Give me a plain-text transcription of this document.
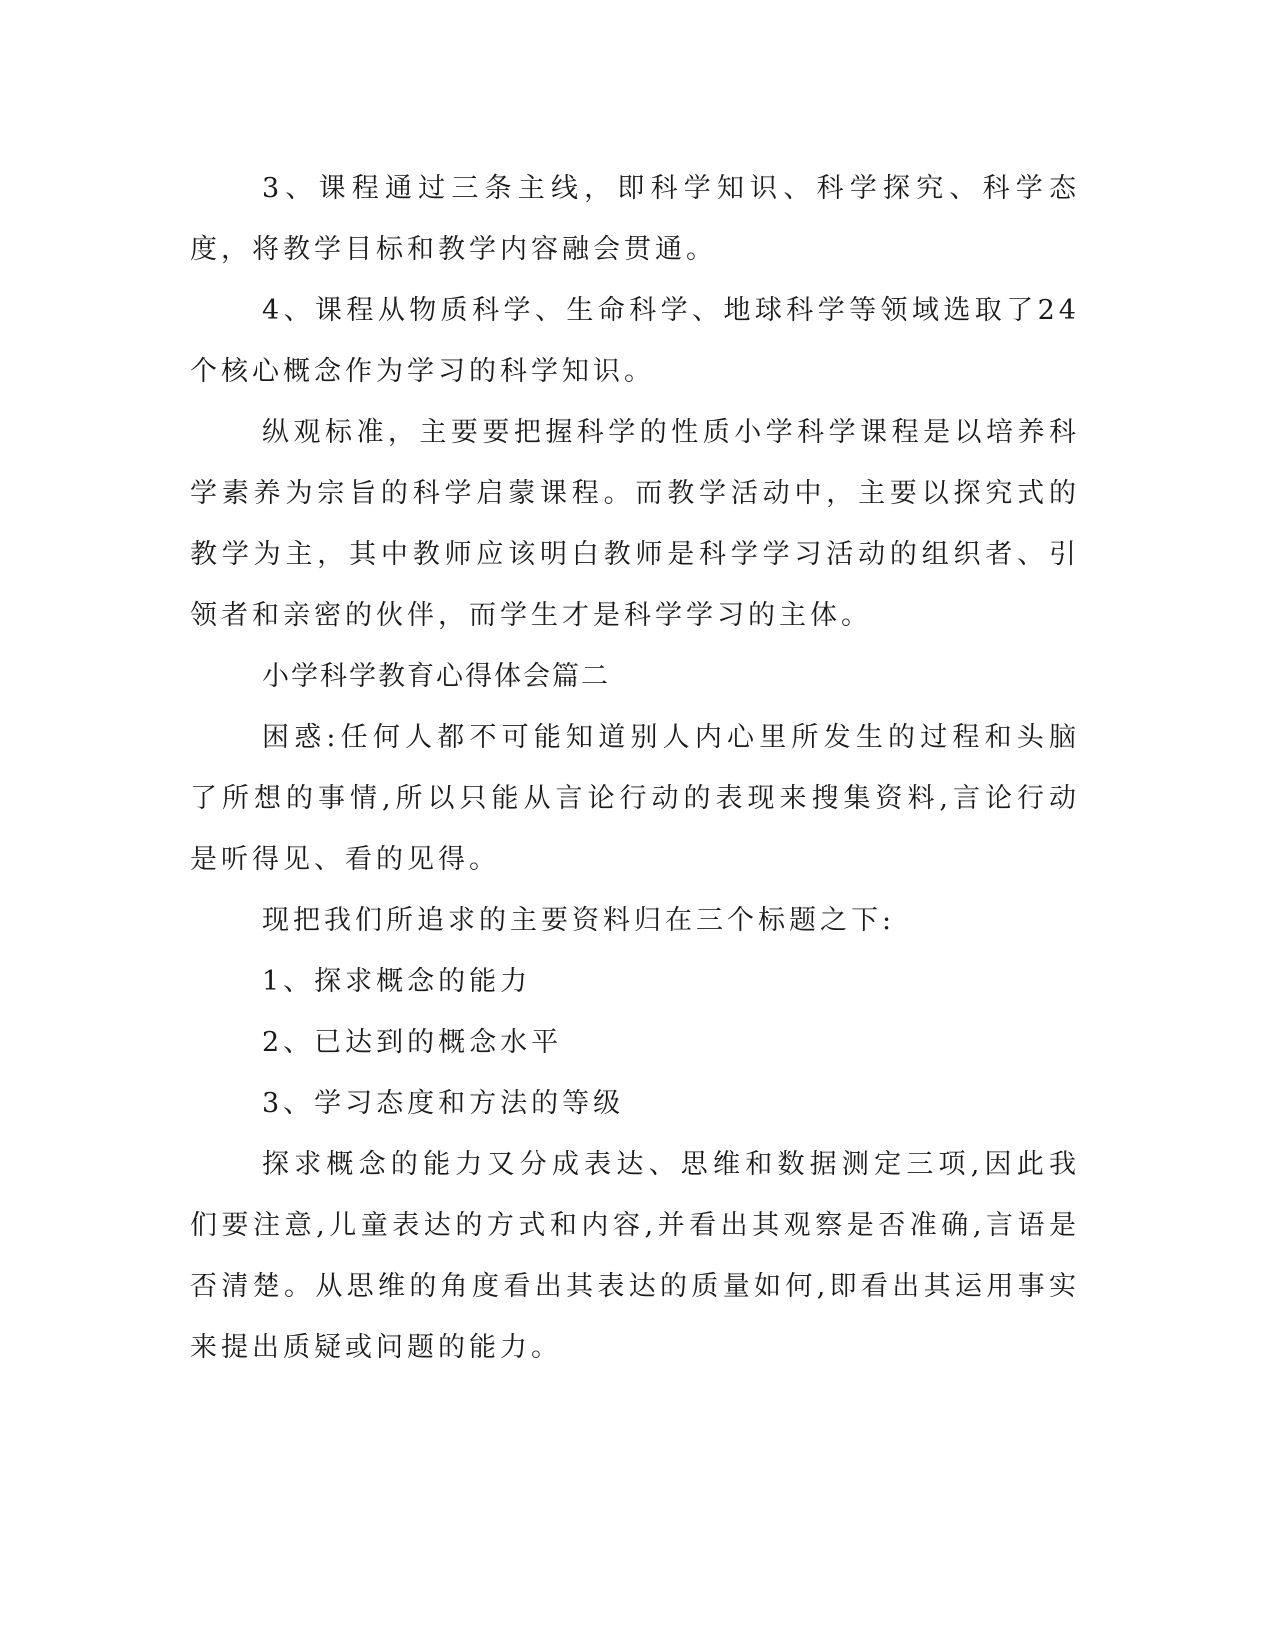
3、课程通过三条主线，即科学知识、科学探究、科学态度，将教学目标和教学内容融会贯通。

4、课程从物质科学、生命科学、地球科学等领域选取了24个核心概念作为学习的科学知识。

纵观标准，主要要把握科学的性质小学科学课程是以培养科学素养为宗旨的科学启蒙课程。而教学活动中，主要以探究式的教学为主，其中教师应该明白教师是科学学习活动的组织者、引领者和亲密的伙伴，而学生才是科学学习的主体。

小学科学教育心得体会篇二

困惑:任何人都不可能知道别人内心里所发生的过程和头脑了所想的事情,所以只能从言论行动的表现来搜集资料,言论行动是听得见、看的见得。

现把我们所追求的主要资料归在三个标题之下:

1、探求概念的能力

2、已达到的概念水平

3、学习态度和方法的等级

探求概念的能力又分成表达、思维和数据测定三项,因此我们要注意,儿童表达的方式和内容,并看出其观察是否准确,言语是否清楚。从思维的角度看出其表达的质量如何,即看出其运用事实来提出质疑或问题的能力。
